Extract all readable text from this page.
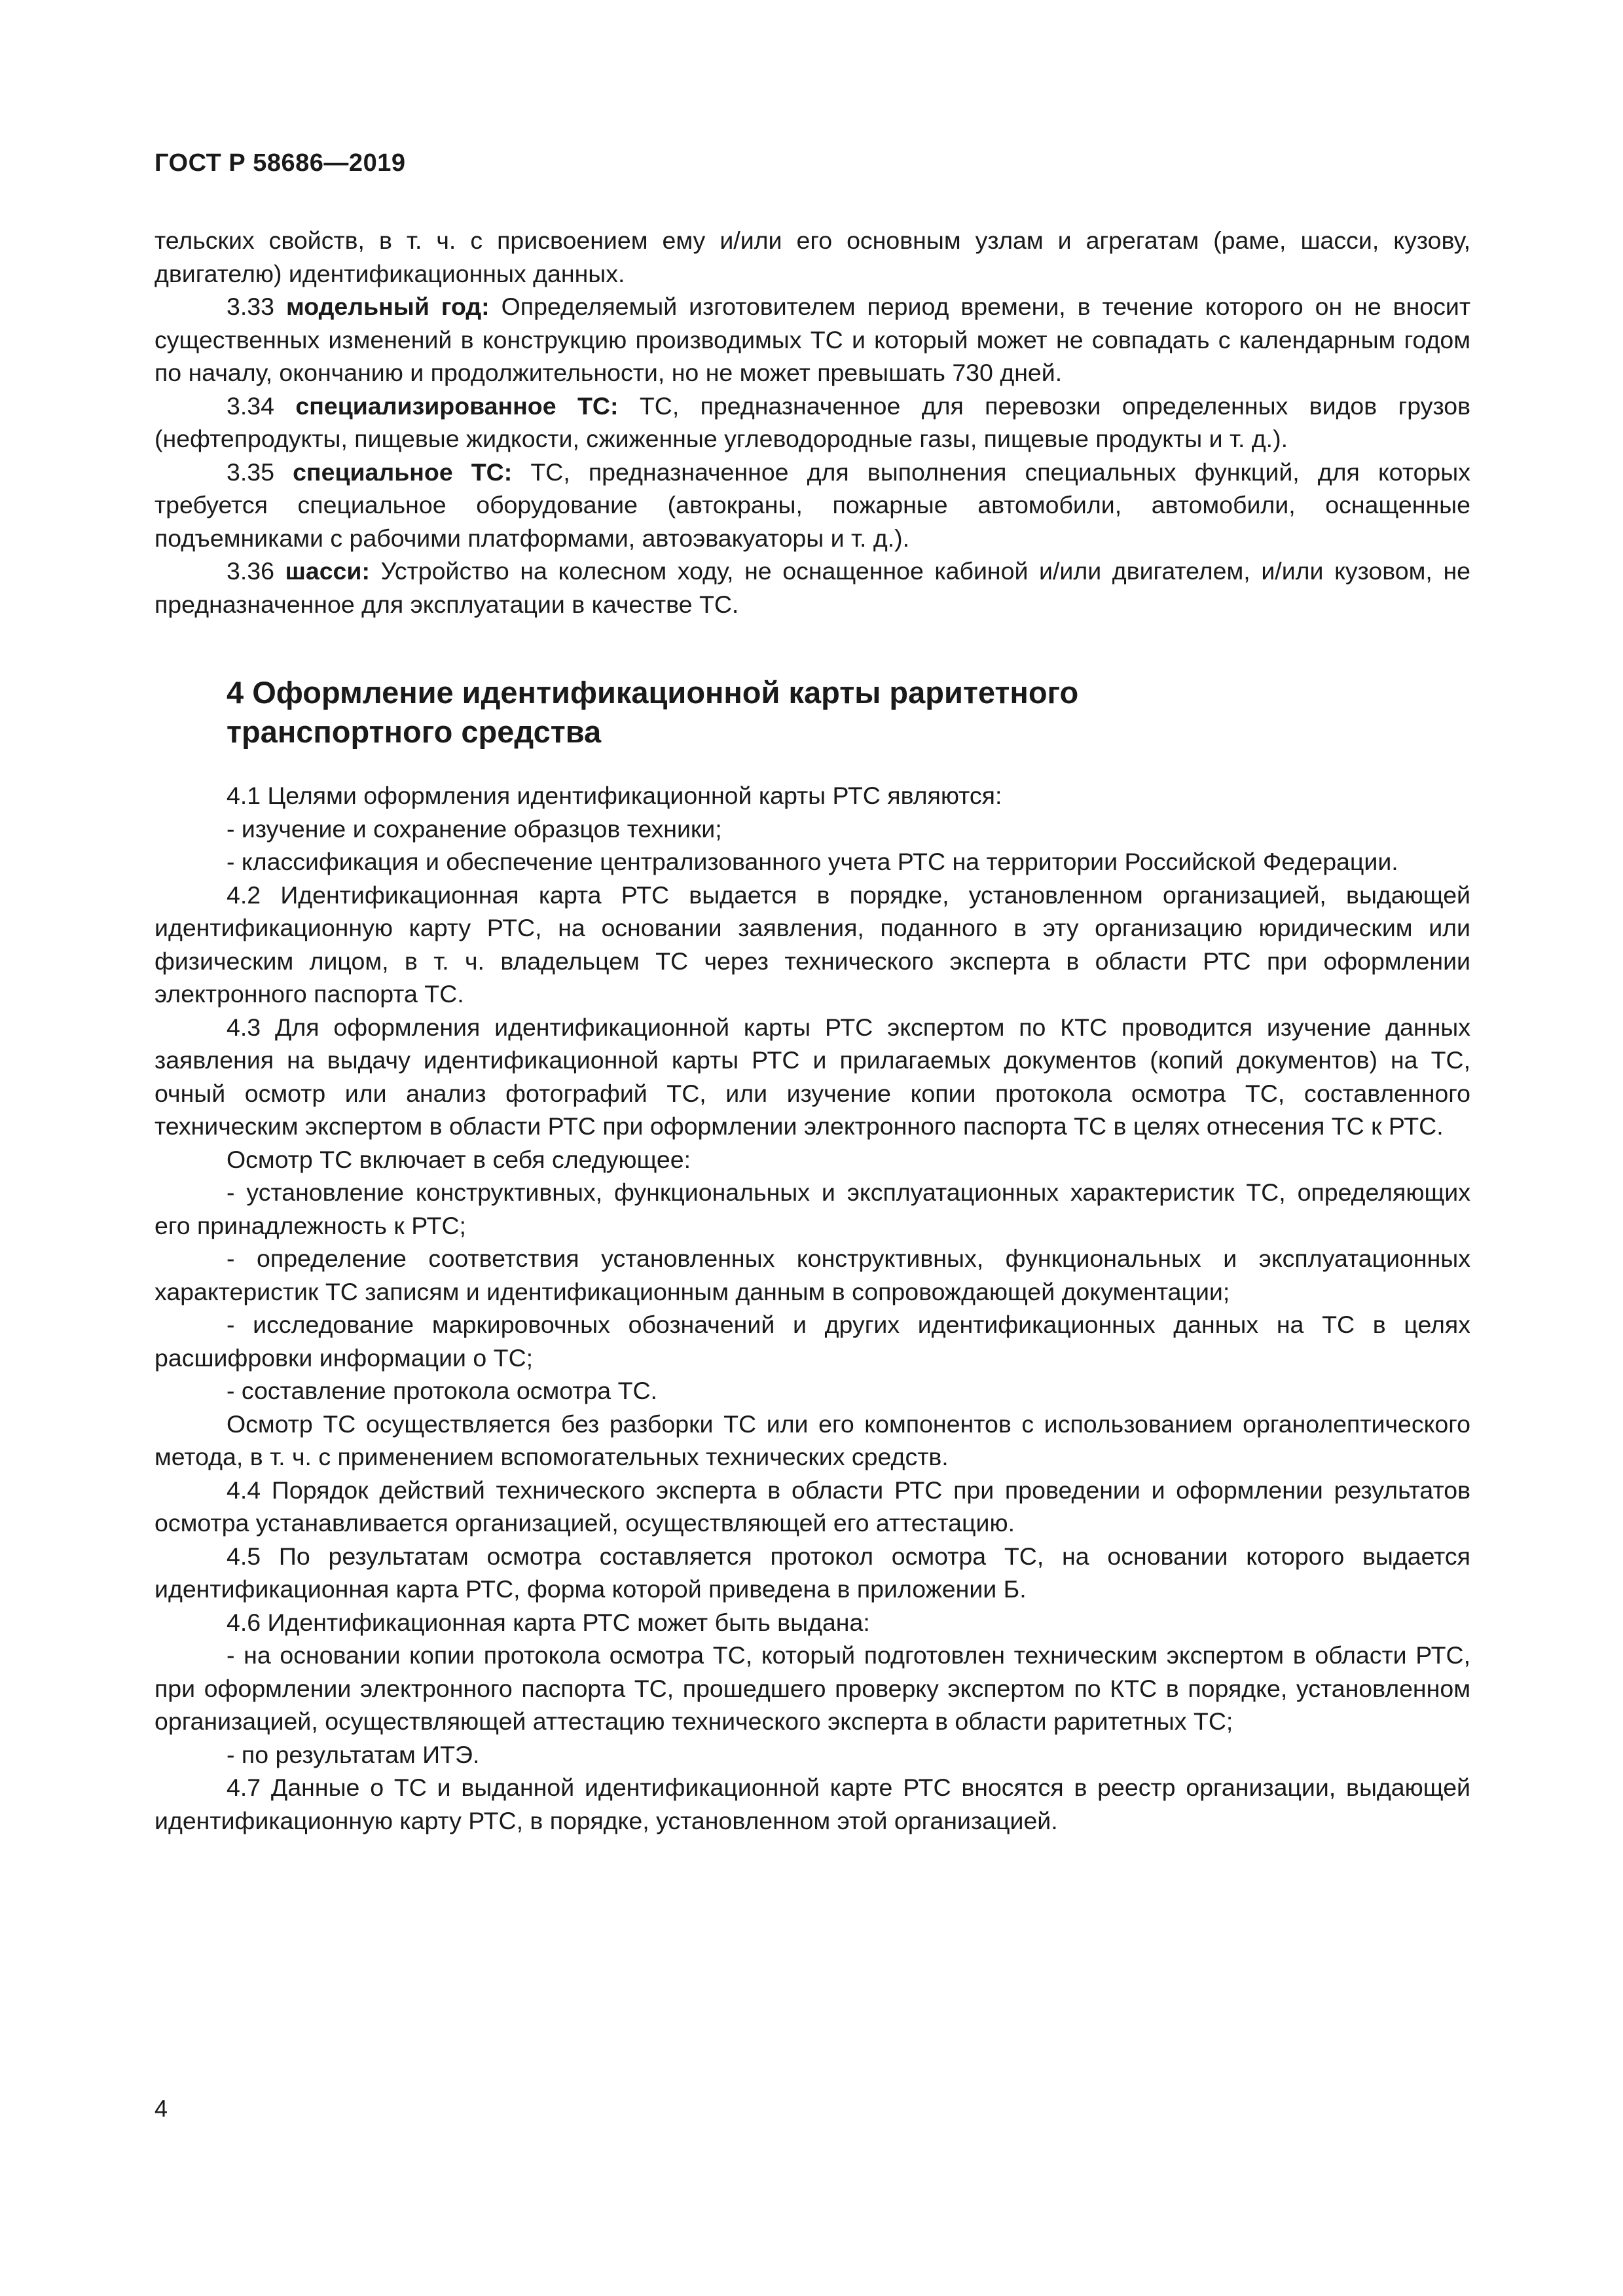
ГОСТ Р 58686—2019

тельских свойств, в т. ч. с присвоением ему и/или его основным узлам и агрегатам (раме, шасси, кузову, двигателю) идентификационных данных.

3.33 модельный год: Определяемый изготовителем период времени, в течение которого он не вносит существенных изменений в конструкцию производимых ТС и который может не совпадать с календарным годом по началу, окончанию и продолжительности, но не может превышать 730 дней.

3.34 специализированное ТС: ТС, предназначенное для перевозки определенных видов грузов (нефтепродукты, пищевые жидкости, сжиженные углеводородные газы, пищевые продукты и т. д.).

3.35 специальное ТС: ТС, предназначенное для выполнения специальных функций, для которых требуется специальное оборудование (автокраны, пожарные автомобили, автомобили, оснащенные подъемниками с рабочими платформами, автоэвакуаторы и т. д.).

3.36 шасси: Устройство на колесном ходу, не оснащенное кабиной и/или двигателем, и/или кузовом, не предназначенное для эксплуатации в качестве ТС.

4 Оформление идентификационной карты раритетного
транспортного средства

4.1 Целями оформления идентификационной карты РТС являются:

- изучение и сохранение образцов техники;

- классификация и обеспечение централизованного учета РТС на территории Российской Федерации.

4.2 Идентификационная карта РТС выдается в порядке, установленном организацией, выдающей идентификационную карту РТС, на основании заявления, поданного в эту организацию юридическим или физическим лицом, в т. ч. владельцем ТС через технического эксперта в области РТС при оформлении электронного паспорта ТС.

4.3 Для оформления идентификационной карты РТС экспертом по КТС проводится изучение данных заявления на выдачу идентификационной карты РТС и прилагаемых документов (копий документов) на ТС, очный осмотр или анализ фотографий ТС, или изучение копии протокола осмотра ТС, составленного техническим экспертом в области РТС при оформлении электронного паспорта ТС в целях отнесения ТС к РТС.

Осмотр ТС включает в себя следующее:

- установление конструктивных, функциональных и эксплуатационных характеристик ТС, определяющих его принадлежность к РТС;

- определение соответствия установленных конструктивных, функциональных и эксплуатационных характеристик ТС записям и идентификационным данным в сопровождающей документации;

- исследование маркировочных обозначений и других идентификационных данных на ТС в целях расшифровки информации о ТС;

- составление протокола осмотра ТС.

Осмотр ТС осуществляется без разборки ТС или его компонентов с использованием органолептического метода, в т. ч. с применением вспомогательных технических средств.

4.4 Порядок действий технического эксперта в области РТС при проведении и оформлении результатов осмотра устанавливается организацией, осуществляющей его аттестацию.

4.5 По результатам осмотра составляется протокол осмотра ТС, на основании которого выдается идентификационная карта РТС, форма которой приведена в приложении Б.

4.6 Идентификационная карта РТС может быть выдана:

- на основании копии протокола осмотра ТС, который подготовлен техническим экспертом в области РТС, при оформлении электронного паспорта ТС, прошедшего проверку экспертом по КТС в порядке, установленном организацией, осуществляющей аттестацию технического эксперта в области раритетных ТС;

- по результатам ИТЭ.

4.7 Данные о ТС и выданной идентификационной карте РТС вносятся в реестр организации, выдающей идентификационную карту РТС, в порядке, установленном этой организацией.

4
